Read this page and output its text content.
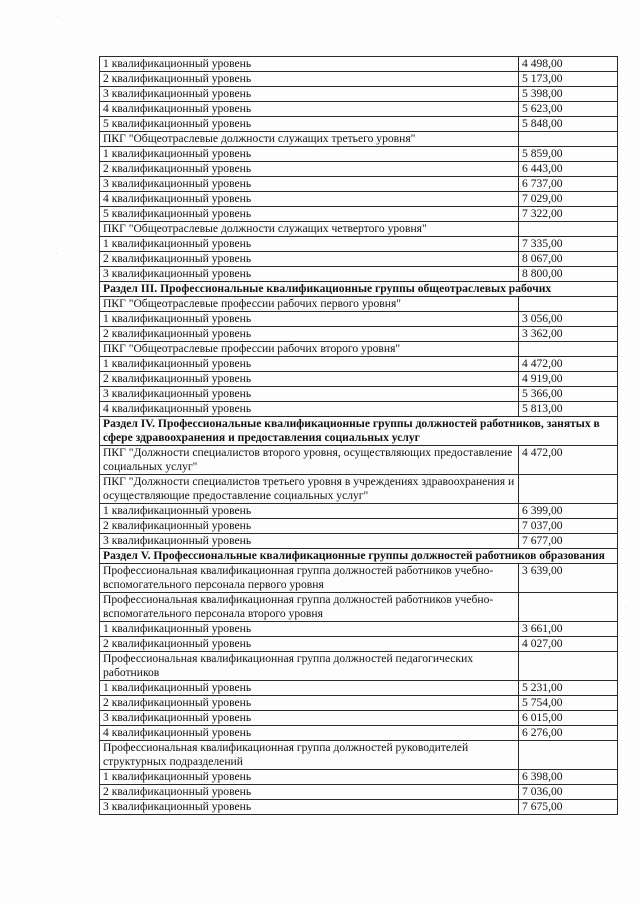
·
·
·
·
1 квалификационный уровень	4 498,00
2 квалификационный уровень	5 173,00
3 квалификационный уровень	5 398,00
4 квалификационный уровень	5 623,00
5 квалификационный уровень	5 848,00
ПКГ "Общеотраслевые должности служащих третьего уровня"	
1 квалификационный уровень	5 859,00
2 квалификационный уровень	6 443,00
3 квалификационный уровень	6 737,00
4 квалификационный уровень	7 029,00
5 квалификационный уровень	7 322,00
ПКГ "Общеотраслевые должности служащих четвертого уровня"	
1 квалификационный уровень	7 335,00
2 квалификационный уровень	8 067,00
3 квалификационный уровень	8 800,00
Раздел III. Профессиональные квалификационные группы общеотраслевых рабочих	
ПКГ "Общеотраслевые профессии рабочих первого уровня"	
1 квалификационный уровень	3 056,00
2 квалификационный уровень	3 362,00
ПКГ "Общеотраслевые профессии рабочих второго уровня"	
1 квалификационный уровень	4 472,00
2 квалификационный уровень	4 919,00
3 квалификационный уровень	5 366,00
4 квалификационный уровень	5 813,00
Раздел IV. Профессиональные квалификационные группы должностей работников, занятых в сфере здравоохранения и предоставления социальных услуг	
ПКГ "Должности специалистов второго уровня, осуществляющих предоставление социальных услуг"	4 472,00
ПКГ "Должности специалистов третьего уровня в учреждениях здравоохранения и осуществляющие предоставление социальных услуг"	
1 квалификационный уровень	6 399,00
2 квалификационный уровень	7 037,00
3 квалификационный уровень	7 677,00
Раздел V. Профессиональные квалификационные группы должностей работников образования	
Профессиональная квалификационная группа должностей работников учебно-вспомогательного персонала первого уровня	3 639,00
Профессиональная квалификационная группа должностей работников учебно-вспомогательного персонала второго уровня	
1 квалификационный уровень	3 661,00
2 квалификационный уровень	4 027,00
Профессиональная квалификационная группа должностей педагогических работников	
1 квалификационный уровень	5 231,00
2 квалификационный уровень	5 754,00
3 квалификационный уровень	6 015,00
4 квалификационный уровень	6 276,00
Профессиональная квалификационная группа должностей руководителей структурных подразделений	
1 квалификационный уровень	6 398,00
2 квалификационный уровень	7 036,00
3 квалификационный уровень	7 675,00
